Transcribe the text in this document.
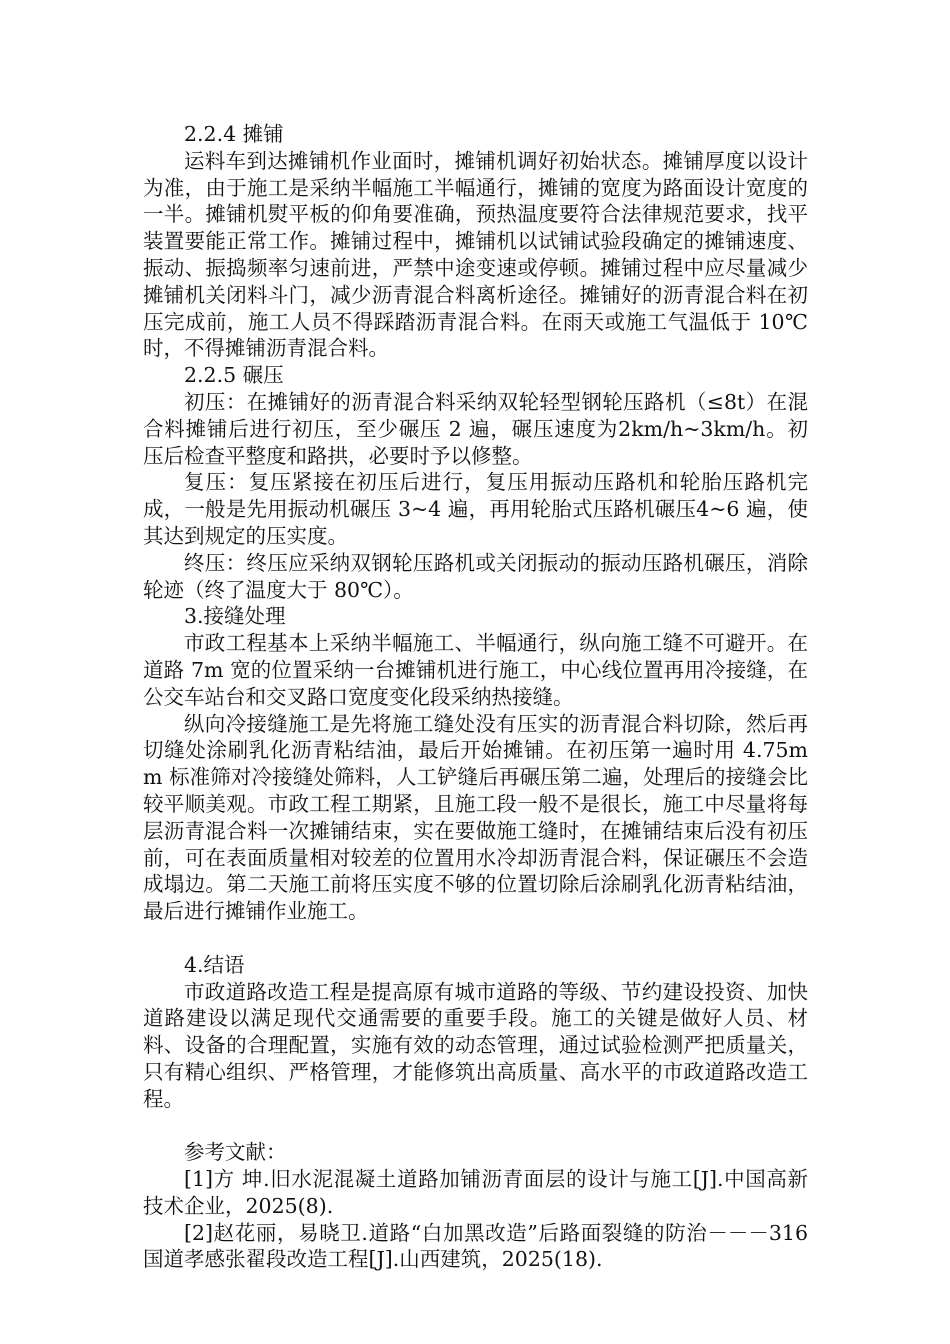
2.2.4 摊铺

运料车到达摊铺机作业面时，摊铺机调好初始状态。摊铺厚度以设计为准，由于施工是采纳半幅施工半幅通行，摊铺的宽度为路面设计宽度的一半。摊铺机熨平板的仰角要准确，预热温度要符合法律规范要求，找平装置要能正常工作。摊铺过程中，摊铺机以试铺试验段确定的摊铺速度、振动、振捣频率匀速前进，严禁中途变速或停顿。摊铺过程中应尽量减少摊铺机关闭料斗门，减少沥青混合料离析途径。摊铺好的沥青混合料在初压完成前，施工人员不得踩踏沥青混合料。在雨天或施工气温低于 10℃时，不得摊铺沥青混合料。

2.2.5 碾压

初压：在摊铺好的沥青混合料采纳双轮轻型钢轮压路机（≤8t）在混合料摊铺后进行初压，至少碾压 2 遍，碾压速度为2km/h~3km/h。初压后检查平整度和路拱，必要时予以修整。

复压：复压紧接在初压后进行，复压用振动压路机和轮胎压路机完成，一般是先用振动机碾压 3~4 遍，再用轮胎式压路机碾压4~6 遍，使其达到规定的压实度。

终压：终压应采纳双钢轮压路机或关闭振动的振动压路机碾压，消除轮迹（终了温度大于 80℃）。

3.接缝处理

市政工程基本上采纳半幅施工、半幅通行，纵向施工缝不可避开。在道路 7m 宽的位置采纳一台摊铺机进行施工，中心线位置再用冷接缝，在公交车站台和交叉路口宽度变化段采纳热接缝。

纵向冷接缝施工是先将施工缝处没有压实的沥青混合料切除，然后再切缝处涂刷乳化沥青粘结油，最后开始摊铺。在初压第一遍时用 4.75mm 标准筛对冷接缝处筛料，人工铲缝后再碾压第二遍，处理后的接缝会比较平顺美观。市政工程工期紧，且施工段一般不是很长，施工中尽量将每层沥青混合料一次摊铺结束，实在要做施工缝时，在摊铺结束后没有初压前，可在表面质量相对较差的位置用水冷却沥青混合料，保证碾压不会造成塌边。第二天施工前将压实度不够的位置切除后涂刷乳化沥青粘结油，最后进行摊铺作业施工。

4.结语

市政道路改造工程是提高原有城市道路的等级、节约建设投资、加快道路建设以满足现代交通需要的重要手段。施工的关键是做好人员、材料、设备的合理配置，实施有效的动态管理，通过试验检测严把质量关，只有精心组织、严格管理，才能修筑出高质量、高水平的市政道路改造工程。

参考文献：

[1]方 坤.旧水泥混凝土道路加铺沥青面层的设计与施工[J].中国高新技术企业，2025(8).

[2]赵花丽，易晓卫.道路“白加黑改造”后路面裂缝的防治－－－316 国道孝感张翟段改造工程[J].山西建筑，2025(18).
